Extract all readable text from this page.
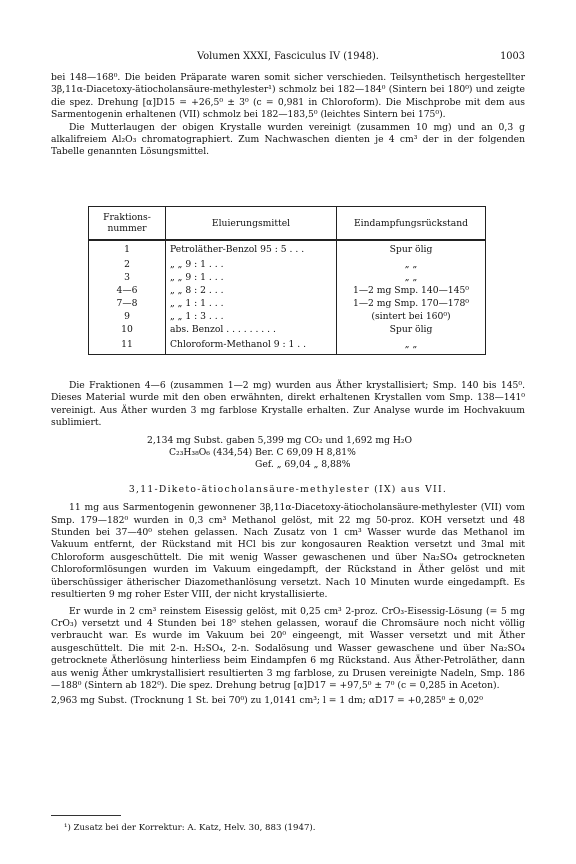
Volumen XXXI, Fasciculus IV (1948).	1003

bei 148—168⁰. Die beiden Präparate waren somit sicher verschieden. Teilsynthetisch hergestellter 3β,11α-Diacetoxy-ätiocholansäure-methylester¹) schmolz bei 182—184⁰ (Sintern bei 180⁰) und zeigte die spez. Drehung [α]D15 = +26,5⁰ ± 3⁰ (c = 0,981 in Chloroform). Die Mischprobe mit dem aus Sarmentogenin erhaltenen (VII) schmolz bei 182—183,5⁰ (leichtes Sintern bei 175⁰).

Die Mutterlaugen der obigen Krystalle wurden vereinigt (zusammen 10 mg) und an 0,3 g alkalifreiem Al₂O₃ chromatographiert. Zum Nachwaschen dienten je 4 cm³ der in der folgenden Tabelle genannten Lösungsmittel.

Fraktions-
nummer	Eluierungsmittel	Eindampfungsrückstand
1	Petroläther-Benzol 95 : 5 . . .	Spur ölig
2	„ „ 9 : 1 . . .	„ „
3	„ „ 9 : 1 . . .	„ „
4—6	„ „ 8 : 2 . . .	1—2 mg Smp. 140—145⁰
7—8	„ „ 1 : 1 . . .	1—2 mg Smp. 170—178⁰
9	„ „ 1 : 3 . . .	(sintert bei 160⁰)
10	abs. Benzol . . . . . . . . .	Spur ölig
11	Chloroform-Methanol 9 : 1 . .	„ „

Die Fraktionen 4—6 (zusammen 1—2 mg) wurden aus Äther krystallisiert; Smp. 140 bis 145⁰. Dieses Material wurde mit den oben erwähnten, direkt erhaltenen Krystallen vom Smp. 138—141⁰ vereinigt. Aus Äther wurden 3 mg farblose Krystalle erhalten. Zur Analyse wurde im Hochvakuum sublimiert.

2,134 mg Subst. gaben 5,399 mg CO₂ und 1,692 mg H₂O
C₂₃H₃₈O₆ (434,54) Ber. C 69,09 H 8,81%
Gef. „ 69,04 „ 8,88%
3,11-Diketo-ätiocholansäure-methylester (IX) aus VII.

11 mg aus Sarmentogenin gewonnener 3β,11α-Diacetoxy-ätiocholansäure-methylester (VII) vom Smp. 179—182⁰ wurden in 0,3 cm³ Methanol gelöst, mit 22 mg 50-proz. KOH versetzt und 48 Stunden bei 37—40⁰ stehen gelassen. Nach Zusatz von 1 cm³ Wasser wurde das Methanol im Vakuum entfernt, der Rückstand mit HCl bis zur kongosauren Reaktion versetzt und 3mal mit Chloroform ausgeschüttelt. Die mit wenig Wasser gewaschenen und über Na₂SO₄ getrockneten Chloroformlösungen wurden im Vakuum eingedampft, der Rückstand in Äther gelöst und mit überschüssiger ätherischer Diazomethanlösung versetzt. Nach 10 Minuten wurde eingedampft. Es resultierten 9 mg roher Ester VIII, der nicht krystallisierte.

Er wurde in 2 cm³ reinstem Eisessig gelöst, mit 0,25 cm³ 2-proz. CrO₃-Eisessig-Lösung (= 5 mg CrO₃) versetzt und 4 Stunden bei 18⁰ stehen gelassen, worauf die Chromsäure noch nicht völlig verbraucht war. Es wurde im Vakuum bei 20⁰ eingeengt, mit Wasser versetzt und mit Äther ausgeschüttelt. Die mit 2-n. H₂SO₄, 2-n. Sodalösung und Wasser gewaschene und über Na₂SO₄ getrocknete Ätherlösung hinterliess beim Eindampfen 6 mg Rückstand. Aus Äther-Petroläther, dann aus wenig Äther umkrystallisiert resultierten 3 mg farblose, zu Drusen vereinigte Nadeln, Smp. 186—188⁰ (Sintern ab 182⁰). Die spez. Drehung betrug [α]D17 = +97,5⁰ ± 7⁰ (c = 0,285 in Aceton).

2,963 mg Subst. (Trocknung 1 St. bei 70⁰) zu 1,0141 cm³; l = 1 dm; αD17 = +0,285⁰ ± 0,02⁰

¹) Zusatz bei der Korrektur: A. Katz, Helv. 30, 883 (1947).
